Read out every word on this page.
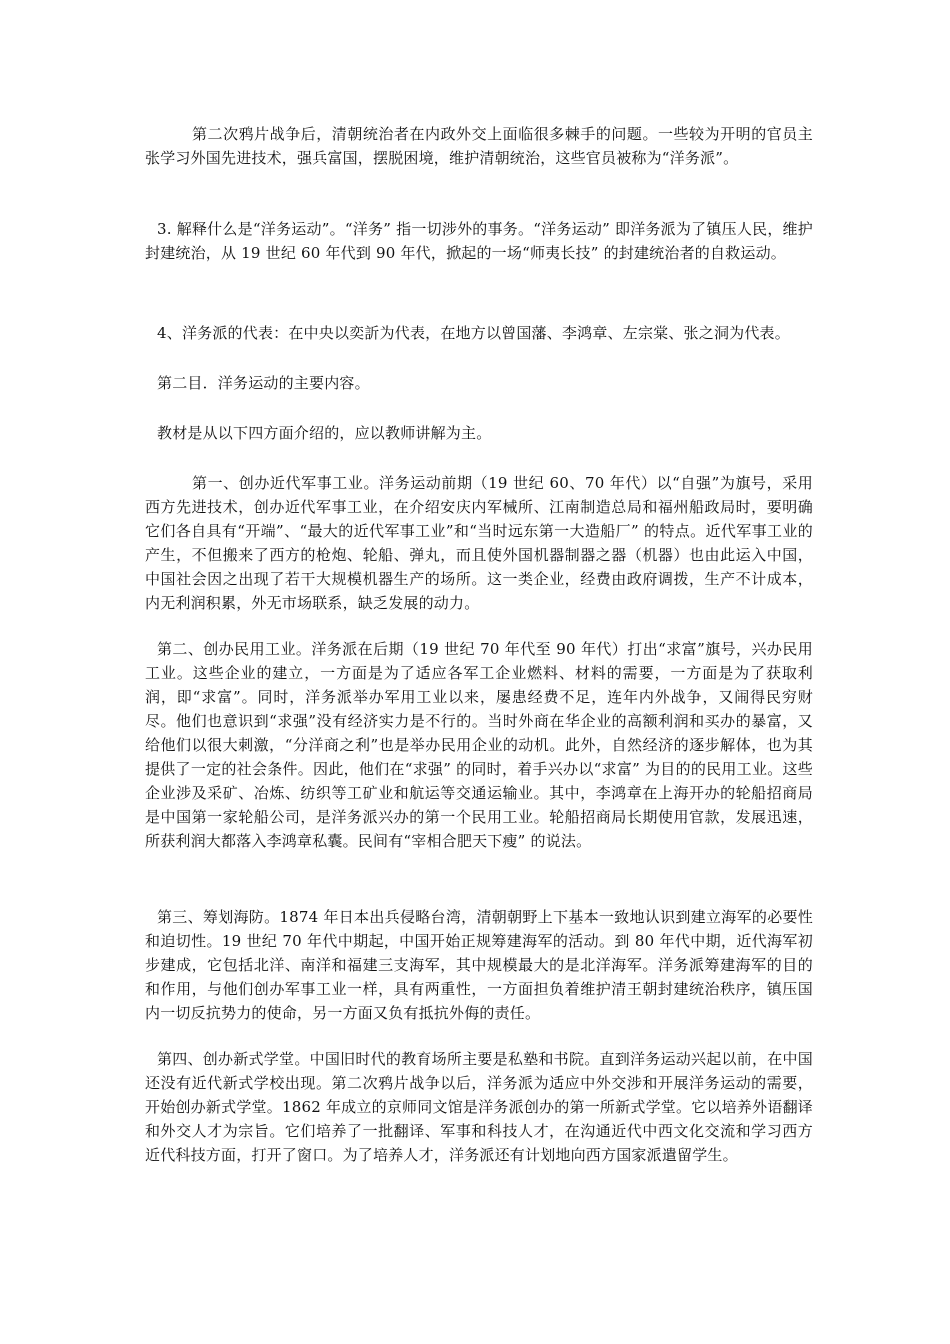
第二次鸦片战争后，清朝统治者在内政外交上面临很多棘手的问题。一些较为开明的官员主张学习外国先进技术，强兵富国，摆脱困境，维护清朝统治，这些官员被称为“洋务派”。

3. 解释什么是“洋务运动”。“洋务” 指一切涉外的事务。“洋务运动” 即洋务派为了镇压人民，维护封建统治，从 19 世纪 60 年代到 90 年代，掀起的一场“师夷长技” 的封建统治者的自救运动。

4、洋务派的代表：在中央以奕訢为代表，在地方以曾国藩、李鸿章、左宗棠、张之洞为代表。

第二目．洋务运动的主要内容。

教材是从以下四方面介绍的，应以教师讲解为主。

第一、创办近代军事工业。洋务运动前期（19 世纪 60、70 年代）以“自强”为旗号，采用西方先进技术，创办近代军事工业，在介绍安庆内军械所、江南制造总局和福州船政局时，要明确它们各自具有“开端”、“最大的近代军事工业”和“当时远东第一大造船厂” 的特点。近代军事工业的产生，不但搬来了西方的枪炮、轮船、弹丸，而且使外国机器制器之器（机器）也由此运入中国，中国社会因之出现了若干大规模机器生产的场所。这一类企业，经费由政府调拨，生产不计成本，内无利润积累，外无市场联系，缺乏发展的动力。

第二、创办民用工业。洋务派在后期（19 世纪 70 年代至 90 年代）打出“求富”旗号，兴办民用工业。这些企业的建立，一方面是为了适应各军工企业燃料、材料的需要，一方面是为了获取利润，即“求富”。同时，洋务派举办军用工业以来，屡患经费不足，连年内外战争，又闹得民穷财尽。他们也意识到“求强”没有经济实力是不行的。当时外商在华企业的高额利润和买办的暴富，又给他们以很大刺激，“分洋商之利”也是举办民用企业的动机。此外，自然经济的逐步解体，也为其提供了一定的社会条件。因此，他们在“求强” 的同时，着手兴办以“求富” 为目的的民用工业。这些企业涉及采矿、冶炼、纺织等工矿业和航运等交通运输业。其中，李鸿章在上海开办的轮船招商局是中国第一家轮船公司，是洋务派兴办的第一个民用工业。轮船招商局长期使用官款，发展迅速，所获利润大都落入李鸿章私囊。民间有“宰相合肥天下瘦” 的说法。

第三、筹划海防。1874 年日本出兵侵略台湾，清朝朝野上下基本一致地认识到建立海军的必要性和迫切性。19 世纪 70 年代中期起，中国开始正规筹建海军的活动。到 80 年代中期，近代海军初步建成，它包括北洋、南洋和福建三支海军，其中规模最大的是北洋海军。洋务派筹建海军的目的和作用，与他们创办军事工业一样，具有两重性，一方面担负着维护清王朝封建统治秩序，镇压国内一切反抗势力的使命，另一方面又负有抵抗外侮的责任。

第四、创办新式学堂。中国旧时代的教育场所主要是私塾和书院。直到洋务运动兴起以前，在中国还没有近代新式学校出现。第二次鸦片战争以后，洋务派为适应中外交涉和开展洋务运动的需要，开始创办新式学堂。1862 年成立的京师同文馆是洋务派创办的第一所新式学堂。它以培养外语翻译和外交人才为宗旨。它们培养了一批翻译、军事和科技人才，在沟通近代中西文化交流和学习西方近代科技方面，打开了窗口。为了培养人才，洋务派还有计划地向西方国家派遣留学生。
